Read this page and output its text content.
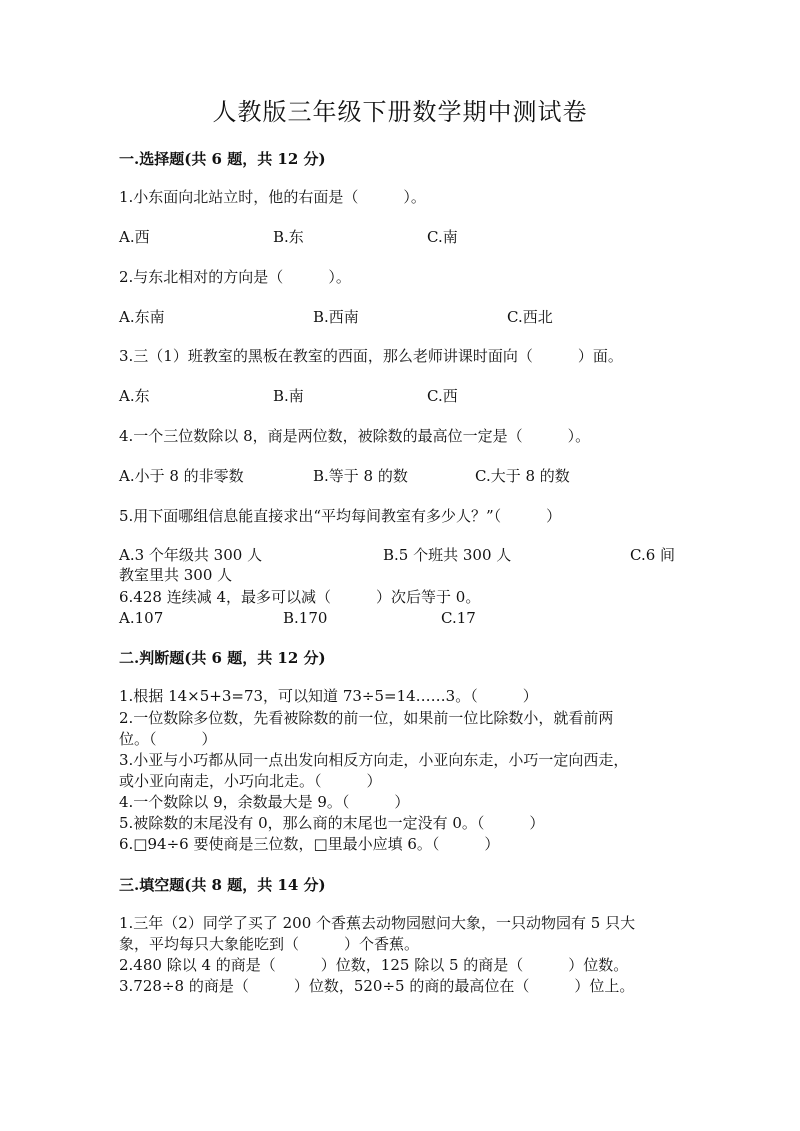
人教版三年级下册数学期中测试卷
一.选择题(共 6 题，共 12 分)
1.小东面向北站立时，他的右面是（　　　）。
A.西	B.东	C.南
2.与东北相对的方向是（　　　）。
A.东南	B.西南	C.西北
3.三（1）班教室的黑板在教室的西面，那么老师讲课时面向（　　　）面。
A.东	B.南	C.西
4.一个三位数除以 8，商是两位数，被除数的最高位一定是（　　　）。
A.小于 8 的非零数	B.等于 8 的数	C.大于 8 的数
5.用下面哪组信息能直接求出“平均每间教室有多少人？”（　　　）
A.3 个年级共 300 人	B.5 个班共 300 人	C.6 间
教室里共 300 人
6.428 连续减 4，最多可以减（　　　）次后等于 0。
A.107	B.170	C.17
二.判断题(共 6 题，共 12 分)
1.根据 14×5+3=73，可以知道 73÷5=14……3。（　　　）
2.一位数除多位数，先看被除数的前一位，如果前一位比除数小，就看前两
位。（　　　）
3.小亚与小巧都从同一点出发向相反方向走，小亚向东走，小巧一定向西走，
或小亚向南走，小巧向北走。（　　　）
4.一个数除以 9，余数最大是 9。（　　　）
5.被除数的末尾没有 0，那么商的末尾也一定没有 0。（　　　）
6.□94÷6 要使商是三位数，□里最小应填 6。（　　　）
三.填空题(共 8 题，共 14 分)
1.三年（2）同学了买了 200 个香蕉去动物园慰问大象，一只动物园有 5 只大
象，平均每只大象能吃到（　　　）个香蕉。
2.480 除以 4 的商是（　　　）位数，125 除以 5 的商是（　　　）位数。
3.728÷8 的商是（　　　）位数，520÷5 的商的最高位在（　　　）位上。
